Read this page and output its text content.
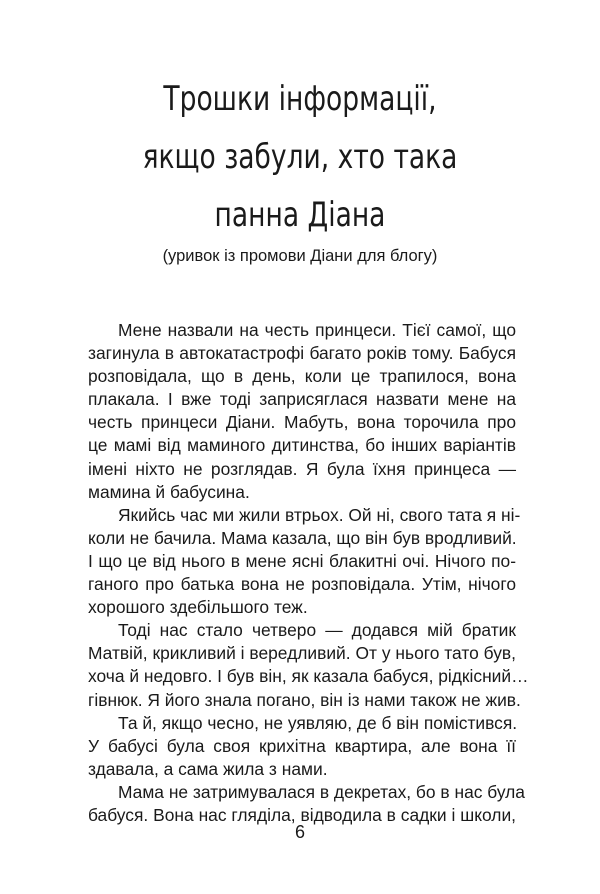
Трошки інформації,
якщо забули, хто така
панна Діана
(уривок із промови Діани для блогу)
Мене назвали на честь принцеси. Тієї самої, що
загинула в автокатастрофі багато років тому. Бабуся
розповідала, що в день, коли це трапилося, вона
плакала. І вже тоді заприсяглася назвати мене на
честь принцеси Діани. Мабуть, вона торочила про
це мамі від маминого дитинства, бо інших варіантів
імені ніхто не розглядав. Я була їхня принцеса —
мамина й бабусина.
Якийсь час ми жили втрьох. Ой ні, свого тата я ні-
коли не бачила. Мама казала, що він був вродливий.
І що це від нього в мене ясні блакитні очі. Нічого по-
ганого про батька вона не розповідала. Утім, нічого
хорошого здебільшого теж.
Тоді нас стало четверо — додався мій братик
Матвій, крикливий і вередливий. От у нього тато був,
хоча й недовго. І був він, як казала бабуся, рідкісний…
гівнюк. Я його знала погано, він із нами також не жив.
Та й, якщо чесно, не уявляю, де б він помістився.
У бабусі була своя крихітна квартира, але вона її
здавала, а сама жила з нами.
Мама не затримувалася в декретах, бо в нас була
бабуся. Вона нас гляділа, відводила в садки і школи,
6
